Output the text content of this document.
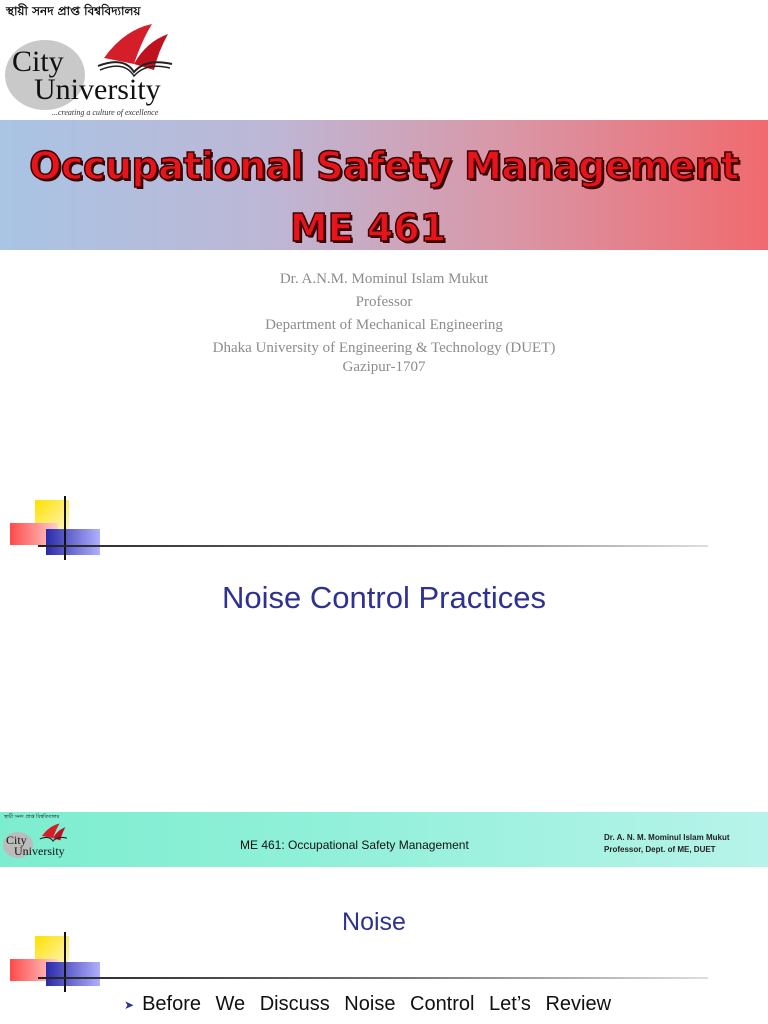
স্থায়ী সনদ প্রাপ্ত বিশ্ববিদ্যালয়
City
University
...creating a culture of excellence
Occupational Safety Management
ME 461
Dr. A.N.M. Mominul Islam Mukut
Professor
Department of Mechanical Engineering
Dhaka University of Engineering & Technology (DUET)
Gazipur-1707
Noise Control Practices
স্থায়ী সনদ প্রাপ্ত বিশ্ববিদ্যালয়
City
University	ME 461: Occupational Safety Management
Dr. A. N. M. Mominul Islam Mukut
Professor, Dept. of ME, DUET
Noise
➤ Before We Discuss Noise Control Let’s Review
